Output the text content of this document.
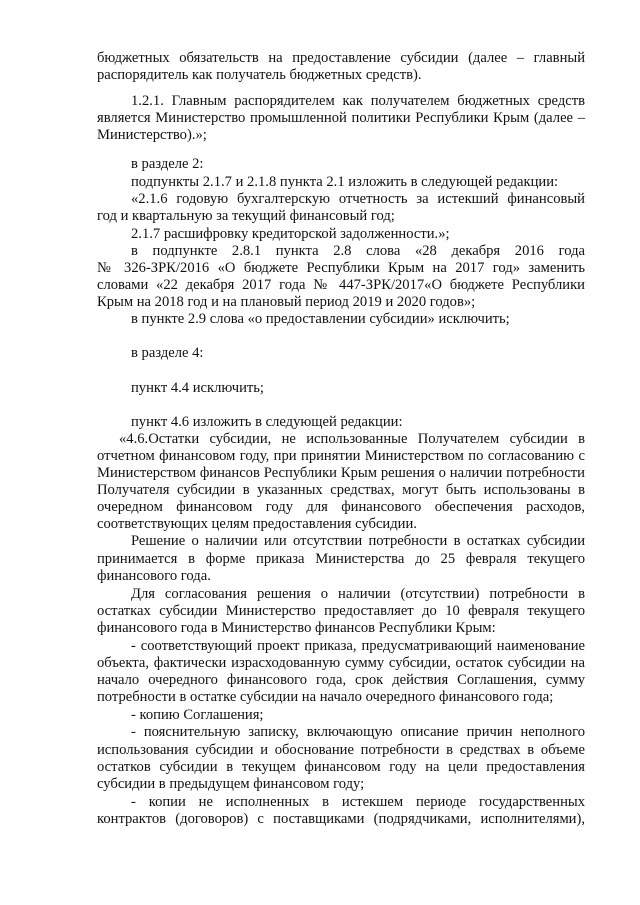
бюджетных обязательств на предоставление субсидии (далее – главный
распорядитель как получатель бюджетных средств).
1.2.1. Главным распорядителем как получателем бюджетных средств
является Министерство промышленной политики Республики Крым (далее –
Министерство).»;
в разделе 2:
подпункты 2.1.7 и 2.1.8 пункта 2.1 изложить в следующей редакции:
«2.1.6 годовую бухгалтерскую отчетность за истекший финансовый
год и квартальную за текущий финансовый год;
2.1.7 расшифровку кредиторской задолженности.»;
в подпункте 2.8.1 пункта 2.8 слова «28 декабря 2016 года
№ 326-ЗРК/2016 «О бюджете Республики Крым на 2017 год» заменить
словами «22 декабря 2017 года № 447-ЗРК/2017«О бюджете Республики
Крым на 2018 год и на плановый период 2019 и 2020 годов»;
в пункте 2.9 слова «о предоставлении субсидии» исключить;
в разделе 4:
пункт 4.4 исключить;
пункт 4.6 изложить в следующей редакции:
«4.6.Остатки субсидии, не использованные Получателем субсидии в
отчетном финансовом году, при принятии Министерством по согласованию с
Министерством финансов Республики Крым решения о наличии потребности
Получателя субсидии в указанных средствах, могут быть использованы в
очередном финансовом году для финансового обеспечения расходов,
соответствующих целям предоставления субсидии.
Решение о наличии или отсутствии потребности в остатках субсидии
принимается в форме приказа Министерства до 25 февраля текущего
финансового года.
Для согласования решения о наличии (отсутствии) потребности в
остатках субсидии Министерство предоставляет до 10 февраля текущего
финансового года в Министерство финансов Республики Крым:
- соответствующий проект приказа, предусматривающий наименование
объекта, фактически израсходованную сумму субсидии, остаток субсидии на
начало очередного финансового года, срок действия Соглашения, сумму
потребности в остатке субсидии на начало очередного финансового года;
- копию Соглашения;
- пояснительную записку, включающую описание причин неполного
использования субсидии и обоснование потребности в средствах в объеме
остатков субсидии в текущем финансовом году на цели предоставления
субсидии в предыдущем финансовом году;
- копии не исполненных в истекшем периоде государственных
контрактов (договоров) с поставщиками (подрядчиками, исполнителями),
